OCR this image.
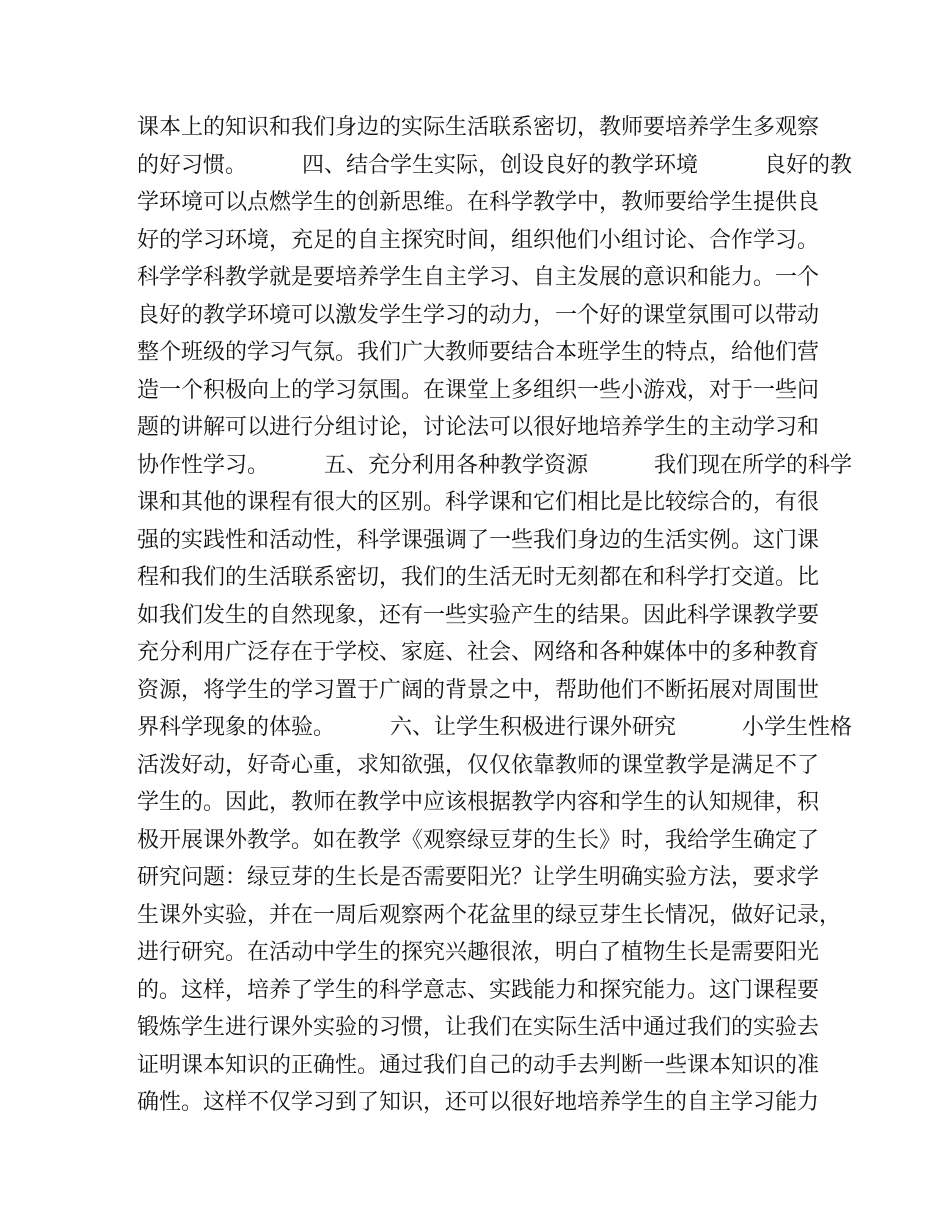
课本上的知识和我们身边的实际生活联系密切，教师要培养学生多观察
的好习惯。　　　四、结合学生实际，创设良好的教学环境　　　良好的教
学环境可以点燃学生的创新思维。在科学教学中，教师要给学生提供良
好的学习环境，充足的自主探究时间，组织他们小组讨论、合作学习。
科学学科教学就是要培养学生自主学习、自主发展的意识和能力。一个
良好的教学环境可以激发学生学习的动力，一个好的课堂氛围可以带动
整个班级的学习气氛。我们广大教师要结合本班学生的特点，给他们营
造一个积极向上的学习氛围。在课堂上多组织一些小游戏，对于一些问
题的讲解可以进行分组讨论，讨论法可以很好地培养学生的主动学习和
协作性学习。　　　五、充分利用各种教学资源　　　我们现在所学的科学
课和其他的课程有很大的区别。科学课和它们相比是比较综合的，有很
强的实践性和活动性，科学课强调了一些我们身边的生活实例。这门课
程和我们的生活联系密切，我们的生活无时无刻都在和科学打交道。比
如我们发生的自然现象，还有一些实验产生的结果。因此科学课教学要
充分利用广泛存在于学校、家庭、社会、网络和各种媒体中的多种教育
资源，将学生的学习置于广阔的背景之中，帮助他们不断拓展对周围世
界科学现象的体验。　　　六、让学生积极进行课外研究　　　小学生性格
活泼好动，好奇心重，求知欲强，仅仅依靠教师的课堂教学是满足不了
学生的。因此，教师在教学中应该根据教学内容和学生的认知规律，积
极开展课外教学。如在教学《观察绿豆芽的生长》时，我给学生确定了
研究问题：绿豆芽的生长是否需要阳光？让学生明确实验方法，要求学
生课外实验，并在一周后观察两个花盆里的绿豆芽生长情况，做好记录，
进行研究。在活动中学生的探究兴趣很浓，明白了植物生长是需要阳光
的。这样，培养了学生的科学意志、实践能力和探究能力。这门课程要
锻炼学生进行课外实验的习惯，让我们在实际生活中通过我们的实验去
证明课本知识的正确性。通过我们自己的动手去判断一些课本知识的准
确性。这样不仅学习到了知识，还可以很好地培养学生的自主学习能力
